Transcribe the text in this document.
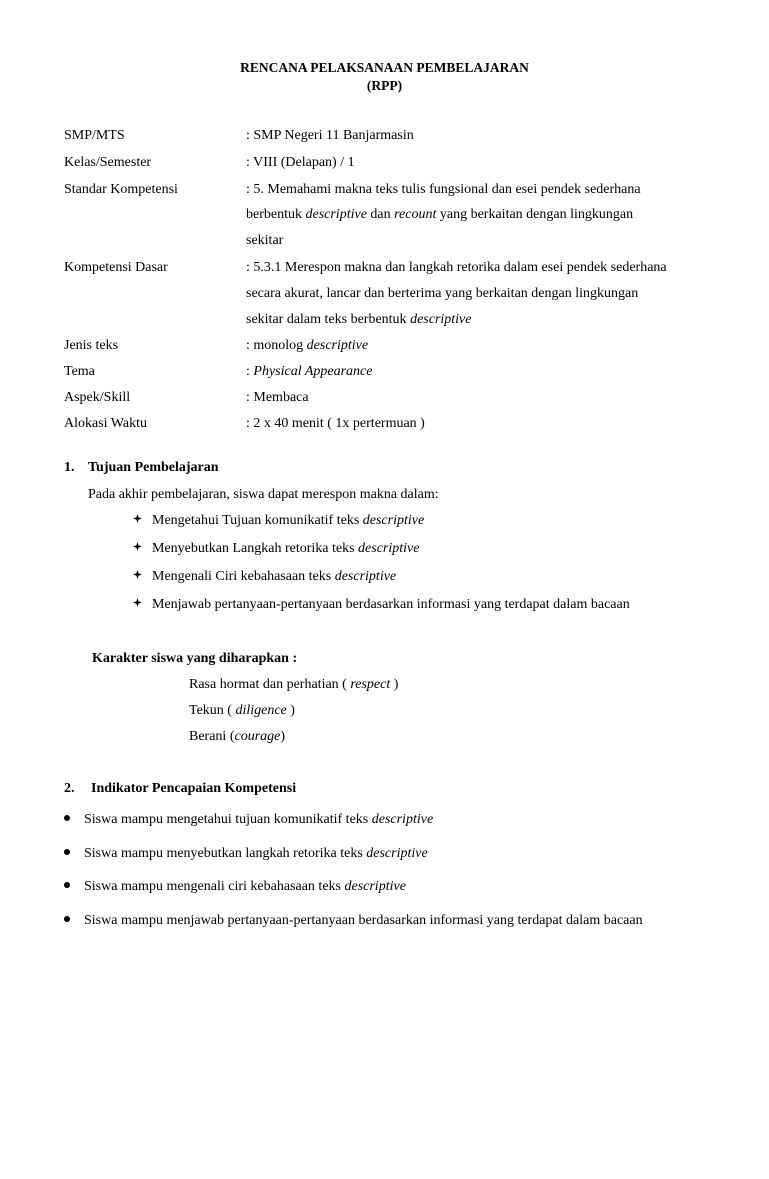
RENCANA PELAKSANAAN PEMBELAJARAN
(RPP)
SMP/MTS	: SMP Negeri 11 Banjarmasin
Kelas/Semester	: VIII (Delapan) / 1
Standar Kompetensi	: 5. Memahami makna teks tulis fungsional dan esei pendek sederhana
berbentuk descriptive dan recount yang berkaitan dengan lingkungan
sekitar
Kompetensi Dasar	: 5.3.1 Merespon makna dan langkah retorika dalam esei pendek sederhana
secara akurat, lancar dan berterima yang berkaitan dengan lingkungan
sekitar dalam teks berbentuk descriptive
Jenis teks	: monolog descriptive
Tema	: Physical Appearance
Aspek/Skill	: Membaca
Alokasi Waktu	: 2 x 40 menit ( 1x pertermuan )
1. Tujuan Pembelajaran
Pada akhir pembelajaran, siswa dapat merespon makna dalam:
Mengetahui Tujuan komunikatif teks descriptive
Menyebutkan Langkah retorika teks descriptive
Mengenali Ciri kebahasaan teks descriptive
Menjawab pertanyaan-pertanyaan berdasarkan informasi yang terdapat dalam bacaan
Karakter siswa yang diharapkan :
Rasa hormat dan perhatian ( respect )
Tekun ( diligence )
Berani (courage)
2. Indikator Pencapaian Kompetensi
Siswa mampu mengetahui tujuan komunikatif teks descriptive
Siswa mampu menyebutkan langkah retorika teks descriptive
Siswa mampu mengenali ciri kebahasaan teks descriptive
Siswa mampu menjawab pertanyaan-pertanyaan berdasarkan informasi yang terdapat dalam bacaan
